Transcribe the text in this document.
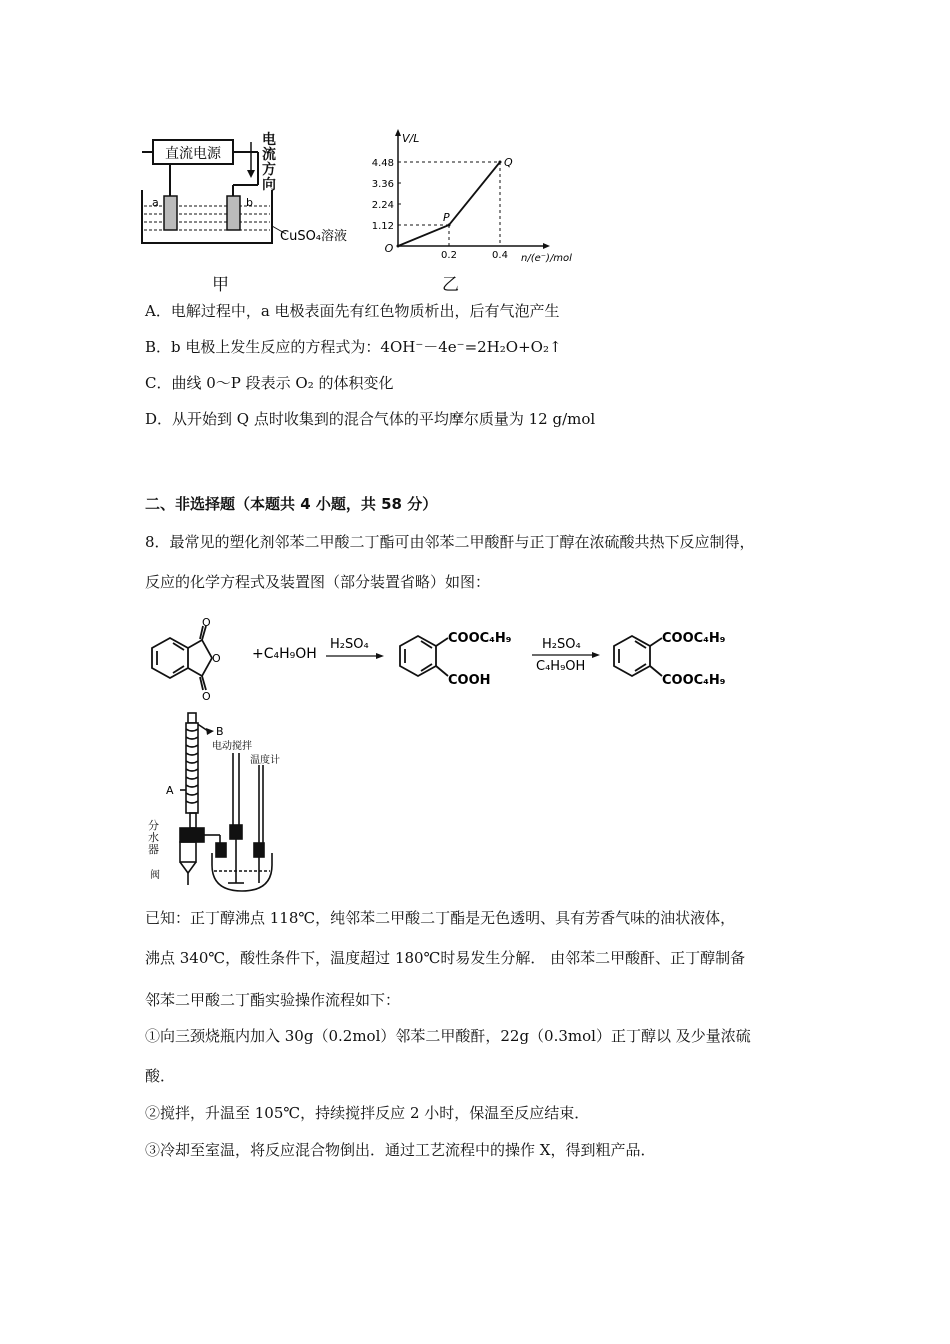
直流电源
a	b
CuSO₄溶液
电流方向
甲
V/L
n/(e⁻)/mol
O
1.12
2.24
3.36
4.48
0.2	0.4
P
Q
乙
A．电解过程中，a 电极表面先有红色物质析出，后有气泡产生
B．b 电极上发生反应的方程式为：4OH⁻－4e⁻=2H₂O+O₂↑
C．曲线 0～P 段表示 O₂ 的体积变化
D．从开始到 Q 点时收集到的混合气体的平均摩尔质量为 12 g/mol
二、非选择题（本题共 4 小题，共 58 分）
8．最常见的塑化剂邻苯二甲酸二丁酯可由邻苯二甲酸酐与正丁醇在浓硫酸共热下反应制得，
反应的化学方程式及装置图（部分装置省略）如图：
O
O
O
+C₄H₉OH
H₂SO₄	COOC₄H₉
COOH
H₂SO₄
C₄H₉OH
COOC₄H₉
COOC₄H₉
B
A
电动搅拌
温度计
分水器
阀
已知：正丁醇沸点 118℃，纯邻苯二甲酸二丁酯是无色透明、具有芳香气味的油状液体，
沸点 340℃，酸性条件下，温度超过 180℃时易发生分解． 由邻苯二甲酸酐、正丁醇制备
邻苯二甲酸二丁酯实验操作流程如下：
①向三颈烧瓶内加入 30g（0.2mol）邻苯二甲酸酐，22g（0.3mol）正丁醇以 及少量浓硫
酸．
②搅拌，升温至 105℃，持续搅拌反应 2 小时，保温至反应结束．
③冷却至室温，将反应混合物倒出．通过工艺流程中的操作 X，得到粗产品．
